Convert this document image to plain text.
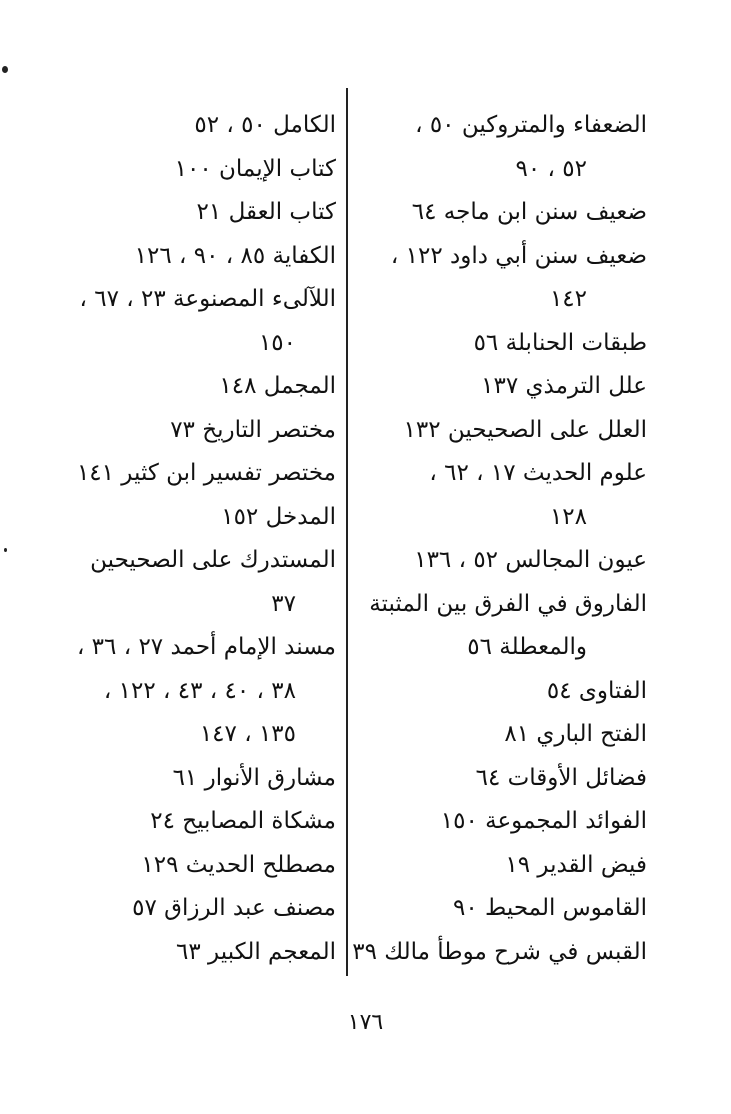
الضعفاء والمتروكين ٥٠ ،
٥٢ ، ٩٠
ضعيف سنن ابن ماجه ٦٤
ضعيف سنن أبي داود ١٢٢ ،
١٤٢
طبقات الحنابلة ٥٦
علل الترمذي ١٣٧
العلل على الصحيحين ١٣٢
علوم الحديث ١٧ ، ٦٢ ،
١٢٨
عيون المجالس ٥٢ ، ١٣٦
الفاروق في الفرق بين المثبتة
والمعطلة ٥٦
الفتاوى ٥٤
الفتح الباري ٨١
فضائل الأوقات ٦٤
الفوائد المجموعة ١٥٠
فيض القدير ١٩
القاموس المحيط ٩٠
القبس في شرح موطأ مالك ٣٩
الكامل ٥٠ ، ٥٢
كتاب الإيمان ١٠٠
كتاب العقل ٢١
الكفاية ٨٥ ، ٩٠ ، ١٢٦
اللآلىء المصنوعة ٢٣ ، ٦٧ ،
١٥٠
المجمل ١٤٨
مختصر التاريخ ٧٣
مختصر تفسير ابن كثير ١٤١
المدخل ١٥٢
المستدرك على الصحيحين
٣٧
مسند الإمام أحمد ٢٧ ، ٣٦ ،
٣٨ ، ٤٠ ، ٤٣ ، ١٢٢ ،
١٣٥ ، ١٤٧
مشارق الأنوار ٦١
مشكاة المصابيح ٢٤
مصطلح الحديث ١٢٩
مصنف عبد الرزاق ٥٧
المعجم الكبير ٦٣
١٧٦
